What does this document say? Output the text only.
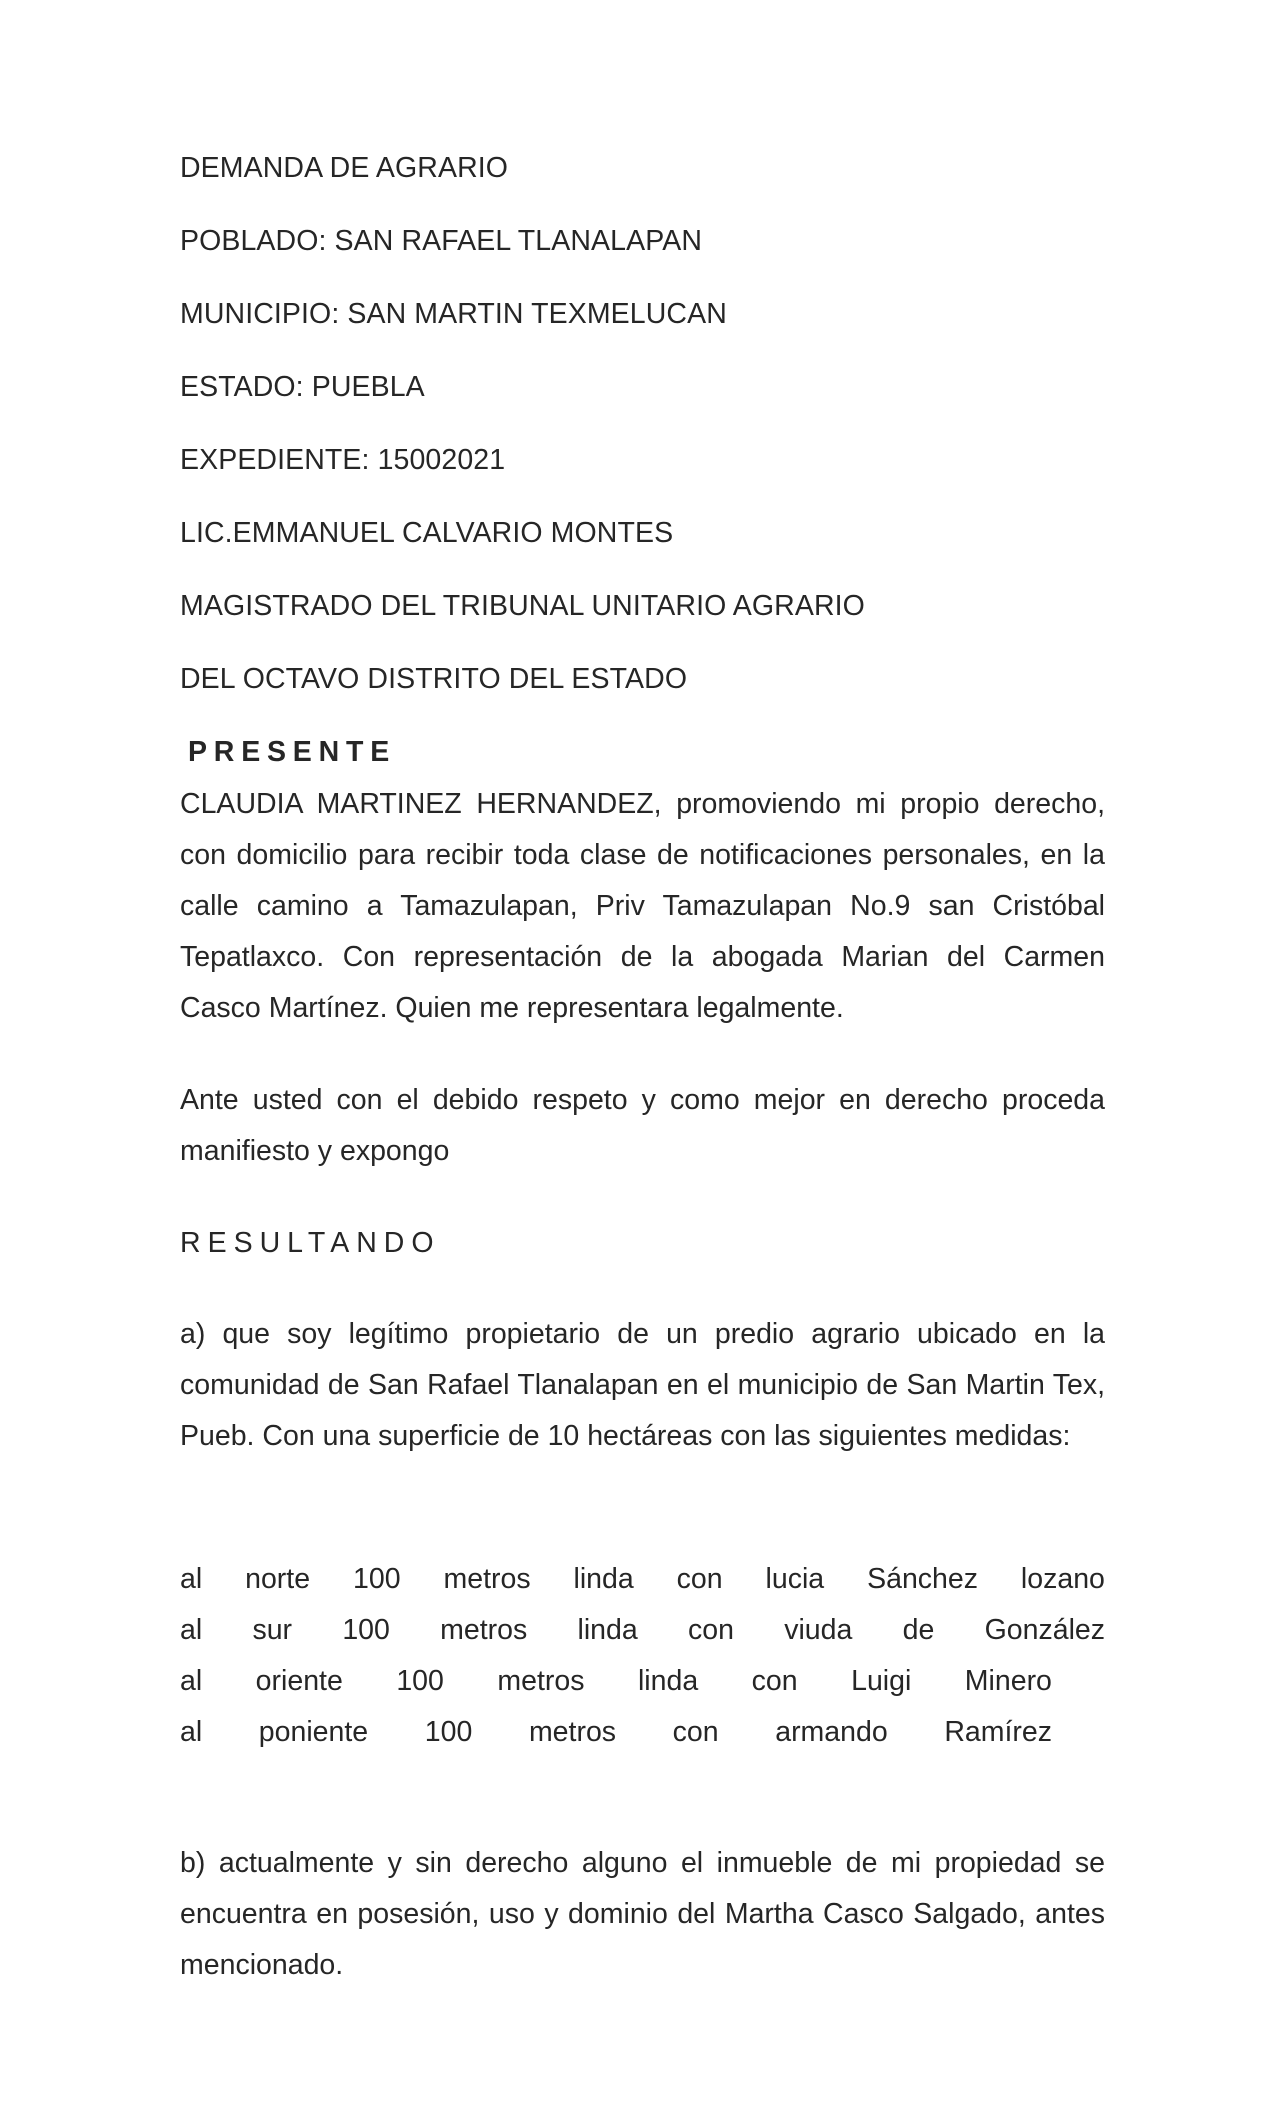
DEMANDA DE AGRARIO

POBLADO: SAN RAFAEL TLANALAPAN

MUNICIPIO: SAN MARTIN TEXMELUCAN

ESTADO: PUEBLA

EXPEDIENTE: 15002021

LIC.EMMANUEL CALVARIO MONTES

MAGISTRADO DEL TRIBUNAL UNITARIO AGRARIO

DEL OCTAVO DISTRITO DEL ESTADO

PRESENTE

CLAUDIA MARTINEZ HERNANDEZ, promoviendo mi propio derecho, con domicilio para recibir toda clase de notificaciones personales, en la calle camino a Tamazulapan, Priv Tamazulapan No.9 san Cristóbal Tepatlaxco. Con representación de la abogada Marian del Carmen Casco Martínez. Quien me representara legalmente.

Ante usted con el debido respeto y como mejor en derecho proceda manifiesto y expongo

RESULTANDO

a) que soy legítimo propietario de un predio agrario ubicado en la comunidad de San Rafael Tlanalapan en el municipio de San Martin Tex, Pueb. Con una superficie de 10 hectáreas con las siguientes medidas:

al norte 100 metros linda con lucia Sánchez lozano
al sur 100 metros linda con viuda de González
al oriente 100 metros linda con Luigi Minero
al poniente 100 metros con armando Ramírez

b) actualmente y sin derecho alguno el inmueble de mi propiedad se encuentra en posesión, uso y dominio del Martha Casco Salgado, antes mencionado.
